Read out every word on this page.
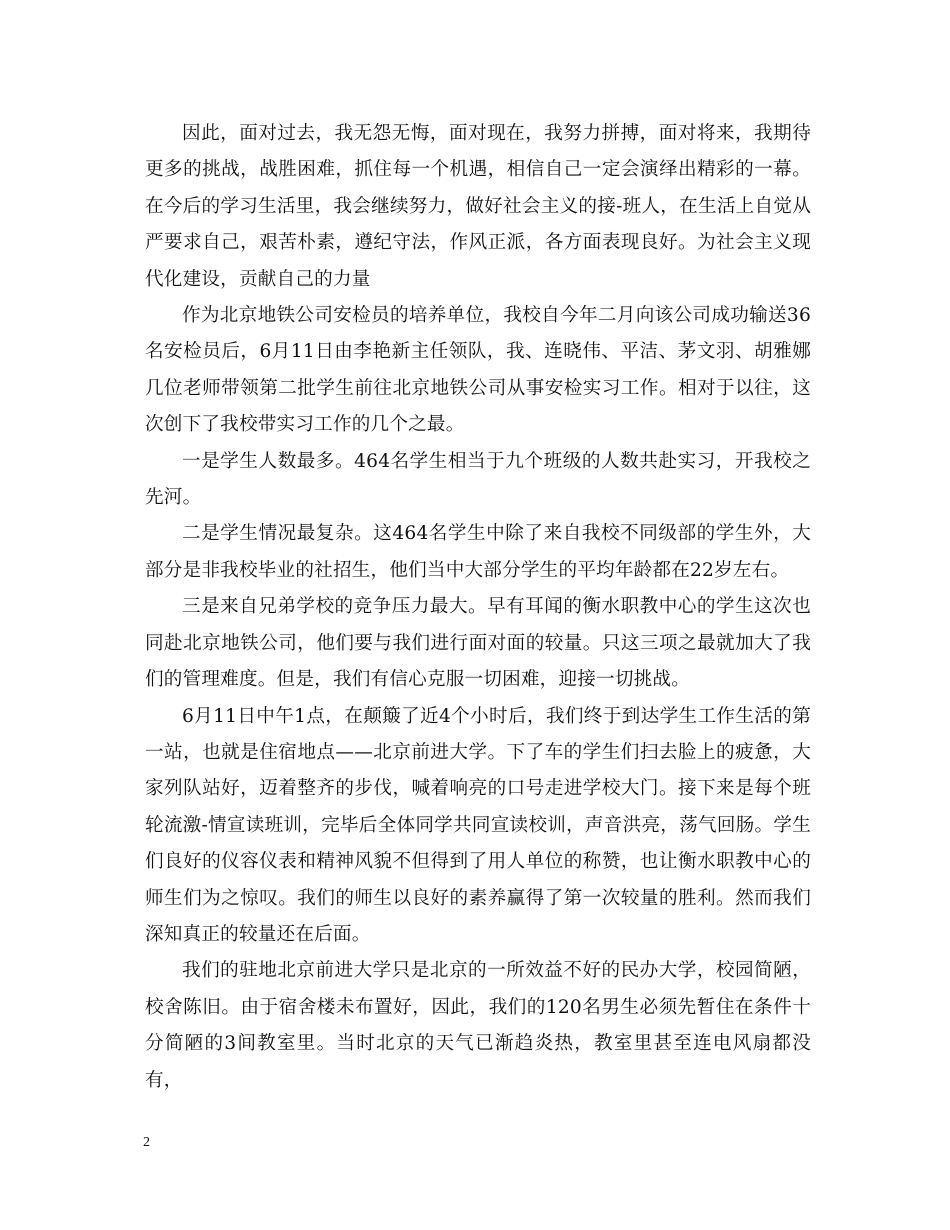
因此，面对过去，我无怨无悔，面对现在，我努力拼搏，面对将来，我期待更多的挑战，战胜困难，抓住每一个机遇，相信自己一定会演绎出精彩的一幕。在今后的学习生活里，我会继续努力，做好社会主义的接-班人，在生活上自觉从严要求自己，艰苦朴素，遵纪守法，作风正派，各方面表现良好。为社会主义现代化建设，贡献自己的力量

作为北京地铁公司安检员的培养单位，我校自今年二月向该公司成功输送36名安检员后，6月11日由李艳新主任领队，我、连晓伟、平洁、茅文羽、胡雅娜几位老师带领第二批学生前往北京地铁公司从事安检实习工作。相对于以往，这次创下了我校带实习工作的几个之最。

一是学生人数最多。464名学生相当于九个班级的人数共赴实习，开我校之先河。

二是学生情况最复杂。这464名学生中除了来自我校不同级部的学生外，大部分是非我校毕业的社招生，他们当中大部分学生的平均年龄都在22岁左右。

三是来自兄弟学校的竞争压力最大。早有耳闻的衡水职教中心的学生这次也同赴北京地铁公司，他们要与我们进行面对面的较量。只这三项之最就加大了我们的管理难度。但是，我们有信心克服一切困难，迎接一切挑战。

6月11日中午1点，在颠簸了近4个小时后，我们终于到达学生工作生活的第一站，也就是住宿地点——北京前进大学。下了车的学生们扫去脸上的疲惫，大家列队站好，迈着整齐的步伐，喊着响亮的口号走进学校大门。接下来是每个班轮流激-情宣读班训，完毕后全体同学共同宣读校训，声音洪亮，荡气回肠。学生们良好的仪容仪表和精神风貌不但得到了用人单位的称赞，也让衡水职教中心的师生们为之惊叹。我们的师生以良好的素养赢得了第一次较量的胜利。然而我们深知真正的较量还在后面。

我们的驻地北京前进大学只是北京的一所效益不好的民办大学，校园简陋，校舍陈旧。由于宿舍楼未布置好，因此，我们的120名男生必须先暂住在条件十分简陋的3间教室里。当时北京的天气已渐趋炎热，教室里甚至连电风扇都没有，

2
